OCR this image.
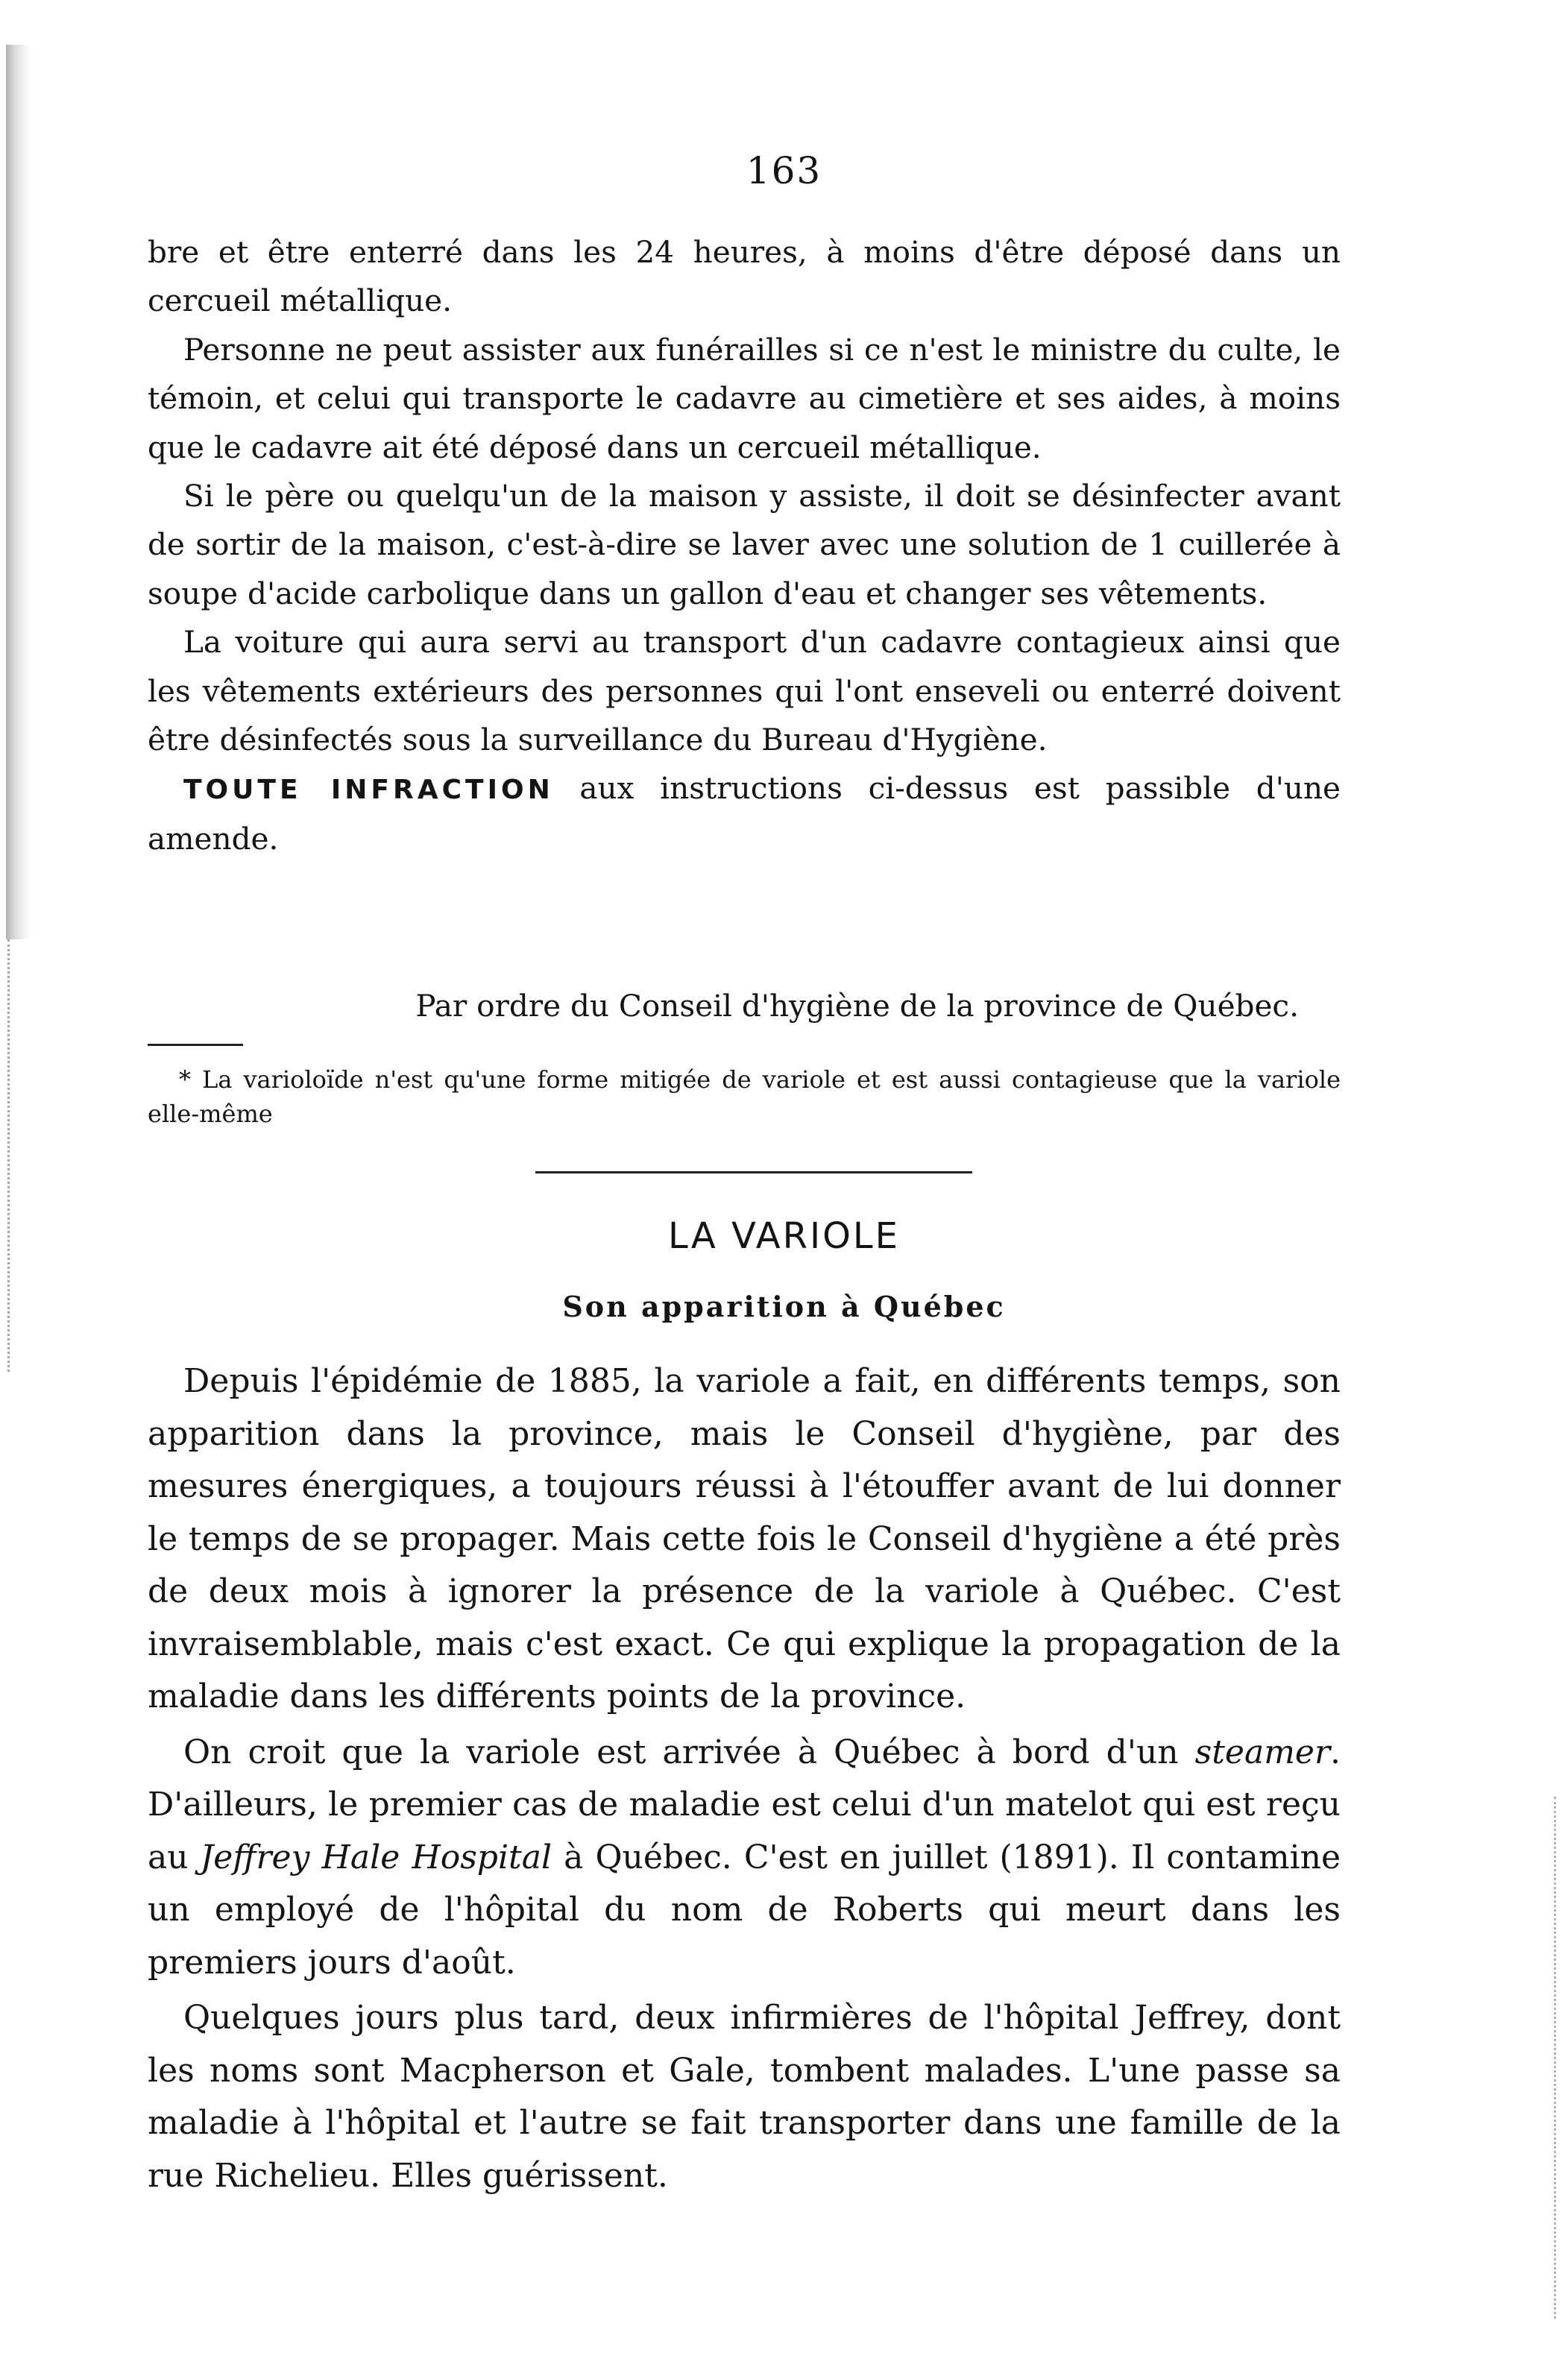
163

bre et être enterré dans les 24 heures, à moins d'être déposé dans un cercueil métallique.

Personne ne peut assister aux funérailles si ce n'est le ministre du culte, le témoin, et celui qui transporte le cadavre au cimetière et ses aides, à moins que le cadavre ait été déposé dans un cercueil métallique.

Si le père ou quelqu'un de la maison y assiste, il doit se désinfecter avant de sortir de la maison, c'est-à-dire se laver avec une solution de 1 cuillerée à soupe d'acide carbolique dans un gallon d'eau et changer ses vêtements.

La voiture qui aura servi au transport d'un cadavre contagieux ainsi que les vêtements extérieurs des personnes qui l'ont enseveli ou enterré doivent être désinfectés sous la surveillance du Bureau d'Hygiène.

TOUTE INFRACTION aux instructions ci-dessus est passible d'une amende.

Par ordre du Conseil d'hygiène de la province de Québec.

* La varioloïde n'est qu'une forme mitigée de variole et est aussi contagieuse que la variole elle-même

LA VARIOLE
Son apparition à Québec

Depuis l'épidémie de 1885, la variole a fait, en différents temps, son apparition dans la province, mais le Conseil d'hygiène, par des mesures énergiques, a toujours réussi à l'étouffer avant de lui donner le temps de se propager. Mais cette fois le Conseil d'hygiène a été près de deux mois à ignorer la présence de la variole à Québec. C'est invraisemblable, mais c'est exact. Ce qui explique la propagation de la maladie dans les différents points de la province.

On croit que la variole est arrivée à Québec à bord d'un steamer. D'ailleurs, le premier cas de maladie est celui d'un matelot qui est reçu au Jeffrey Hale Hospital à Québec. C'est en juillet (1891). Il contamine un employé de l'hôpital du nom de Roberts qui meurt dans les premiers jours d'août.

Quelques jours plus tard, deux infirmières de l'hôpital Jeffrey, dont les noms sont Macpherson et Gale, tombent malades. L'une passe sa maladie à l'hôpital et l'autre se fait transporter dans une famille de la rue Richelieu. Elles guérissent.
